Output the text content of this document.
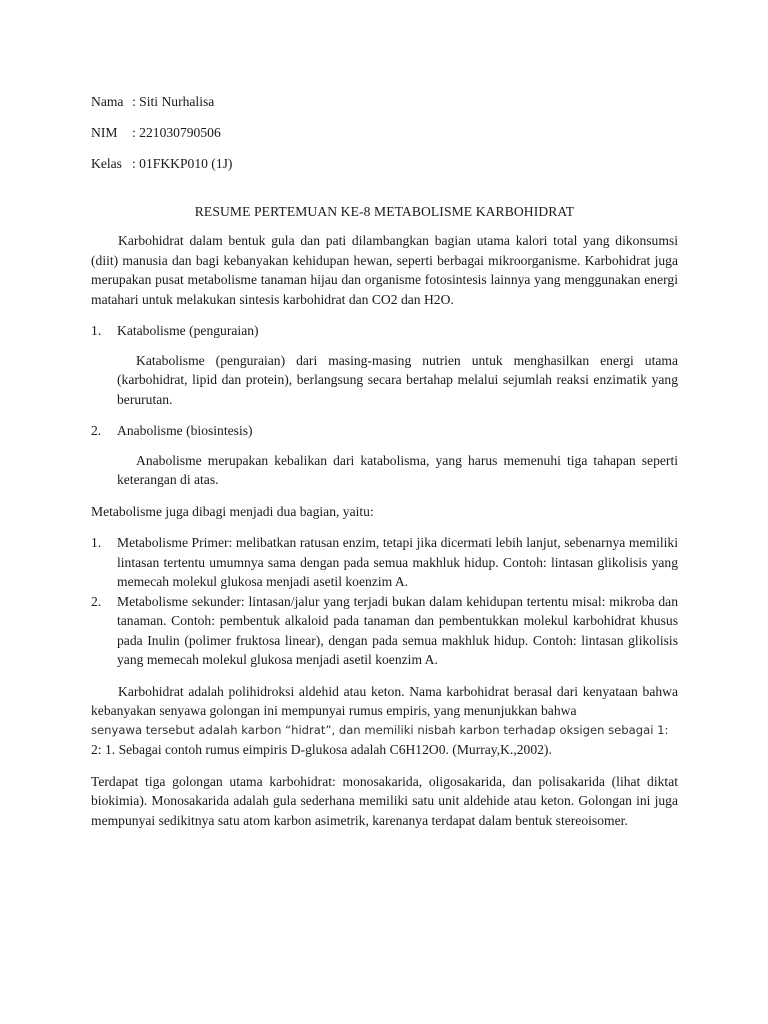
Nama : Siti Nurhalisa
NIM	: 221030790506
Kelas : 01FKKP010 (1J)
RESUME PERTEMUAN KE-8 METABOLISME KARBOHIDRAT

Karbohidrat dalam bentuk gula dan pati dilambangkan bagian utama kalori total yang dikonsumsi (diit) manusia dan bagi kebanyakan kehidupan hewan, seperti berbagai mikroorganisme. Karbohidrat juga merupakan pusat metabolisme tanaman hijau dan organisme fotosintesis lainnya yang menggunakan energi matahari untuk melakukan sintesis karbohidrat dan CO2 dan H2O.

1.	Katabolisme (penguraian)

Katabolisme (penguraian) dari masing-masing nutrien untuk menghasilkan energi utama (karbohidrat, lipid dan protein), berlangsung secara bertahap melalui sejumlah reaksi enzimatik yang berurutan.

2.	Anabolisme (biosintesis)

Anabolisme merupakan kebalikan dari katabolisma, yang harus memenuhi tiga tahapan seperti keterangan di atas.

Metabolisme juga dibagi menjadi dua bagian, yaitu:

1.	Metabolisme Primer: melibatkan ratusan enzim, tetapi jika dicermati lebih lanjut, sebenarnya memiliki lintasan tertentu umumnya sama dengan pada semua makhluk hidup. Contoh: lintasan glikolisis yang memecah molekul glukosa menjadi asetil koenzim A.
2.	Metabolisme sekunder: lintasan/jalur yang terjadi bukan dalam kehidupan tertentu misal: mikroba dan tanaman. Contoh: pembentuk alkaloid pada tanaman dan pembentukkan molekul karbohidrat khusus pada Inulin (polimer fruktosa linear), dengan pada semua makhluk hidup. Contoh: lintasan glikolisis yang memecah molekul glukosa menjadi asetil koenzim A.

Karbohidrat adalah polihidroksi aldehid atau keton. Nama karbohidrat berasal dari kenyataan bahwa kebanyakan senyawa golongan ini mempunyai rumus empiris, yang menunjukkan bahwa

senyawa tersebut adalah karbon “hidrat”, dan memiliki nisbah karbon terhadap oksigen sebagai 1:

2: 1. Sebagai contoh rumus eimpiris D-glukosa adalah C6H12O0. (Murray,K.,2002).

Terdapat tiga golongan utama karbohidrat: monosakarida, oligosakarida, dan polisakarida (lihat diktat biokimia). Monosakarida adalah gula sederhana memiliki satu unit aldehide atau keton. Golongan ini juga mempunyai sedikitnya satu atom karbon asimetrik, karenanya terdapat dalam bentuk stereoisomer.
